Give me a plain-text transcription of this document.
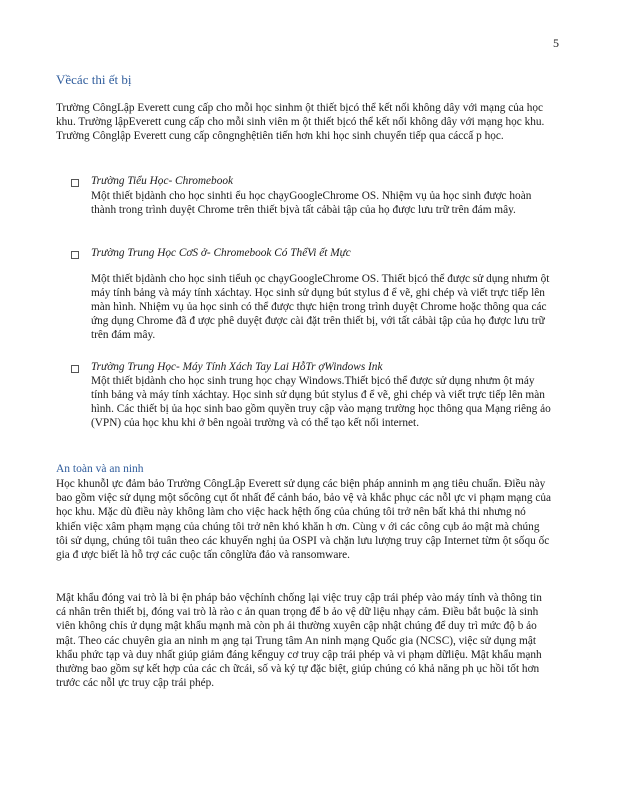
5
Vềcác thi ết bị

Trường CôngLập Everett cung cấp cho mỗi học sinhm ột thiết bịcó thể kết nối không dây với mạng của học khu. Trường lậpEverett cung cấp cho mỗi sinh viên m ột thiết bịcó thể kết nối không dây với mạng học khu. Trường Cônglập Everett cung cấp côngnghệtiên tiến hơn khi học sinh chuyển tiếp qua cáccấ p học.

Trường Tiểu Học- Chromebook

Một thiết bịdành cho học sinhti ểu học chạyGoogleChrome OS. Nhiệm vụ ủa học sinh được hoàn thành trong trình duyệt Chrome trên thiết bịvà tất cảbài tập của họ được lưu trữ trên đám mây.

Trường Trung Học CơS ở- Chromebook Có ThểVi ết Mực

Một thiết bịdành cho học sinh tiểuh ọc chạyGoogleChrome OS. Thiết bịcó thể được sử dụng nhưm ột máy tính bảng và máy tính xáchtay. Học sinh sử dụng bút stylus đ ể vẽ, ghi chép và viết trực tiếp lên màn hình. Nhiệm vụ ủa học sinh có thể được thực hiện trong trình duyệt Chrome hoặc thông qua các ứng dụng Chrome đã đ ược phê duyệt được cài đặt trên thiết bị, với tất cảbài tập của họ được lưu trữ trên đám mây.

Trường Trung Học- Máy Tính Xách Tay Lai HỗTr ợWindows Ink

Một thiết bịdành cho học sinh trung học chạy Windows.Thiết bịcó thể được sử dụng nhưm ột máy tính bảng và máy tính xáchtay. Học sinh sử dụng bút stylus đ ể vẽ, ghi chép và viết trực tiếp lên màn hình. Các thiết bị ủa học sinh bao gồm quyền truy cập vào mạng trường học thông qua Mạng riêng ảo (VPN) của học khu khi ở bên ngoài trường và có thể tạo kết nối internet.

An toàn và an ninh

Học khunỗl ực đảm bảo Trường CôngLập Everett sử dụng các biện pháp anninh m ạng tiêu chuẩn. Điều này bao gồm việc sử dụng một sốcông cụt ốt nhất để cảnh báo, bảo vệ và khắc phục các nỗl ực vi phạm mạng của học khu. Mặc dù điều này không làm cho việc hack hệth ống của chúng tôi trở nên bất khả thi nhưng nó khiến việc xâm phạm mạng của chúng tôi trở nên khó khăn h ơn. Cùng v ới các công cụb ảo mật mà chúng tôi sử dụng, chúng tôi tuân theo các khuyến nghị ủa OSPI và chặn lưu lượng truy cập Internet từm ột sốqu ốc gia đ ược biết là hỗ trợ các cuộc tấn cônglừa đảo và ransomware.

Mật khẩu đóng vai trò là bi ện pháp bảo vệchính chống lại việc truy cập trái phép vào máy tính và thông tin cá nhân trên thiết bị, đóng vai trò là rào c ản quan trọng để b ảo vệ dữ liệu nhạy cảm. Điều bắt buộc là sinh viên không chỉs ử dụng mật khẩu mạnh mà còn ph ải thường xuyên cập nhật chúng để duy trì mức độ b ảo mật. Theo các chuyên gia an ninh m ạng tại Trung tâm An ninh mạng Quốc gia (NCSC), việc sử dụng mật khẩu phức tạp và duy nhất giúp giảm đáng kểnguy cơ truy cập trái phép và vi phạm dữliệu. Mật khẩu mạnh thường bao gồm sự kết hợp của các ch ữcái, số và ký tự đặc biệt, giúp chúng có khả năng ph ục hồi tốt hơn trước các nỗl ực truy cập trái phép.
